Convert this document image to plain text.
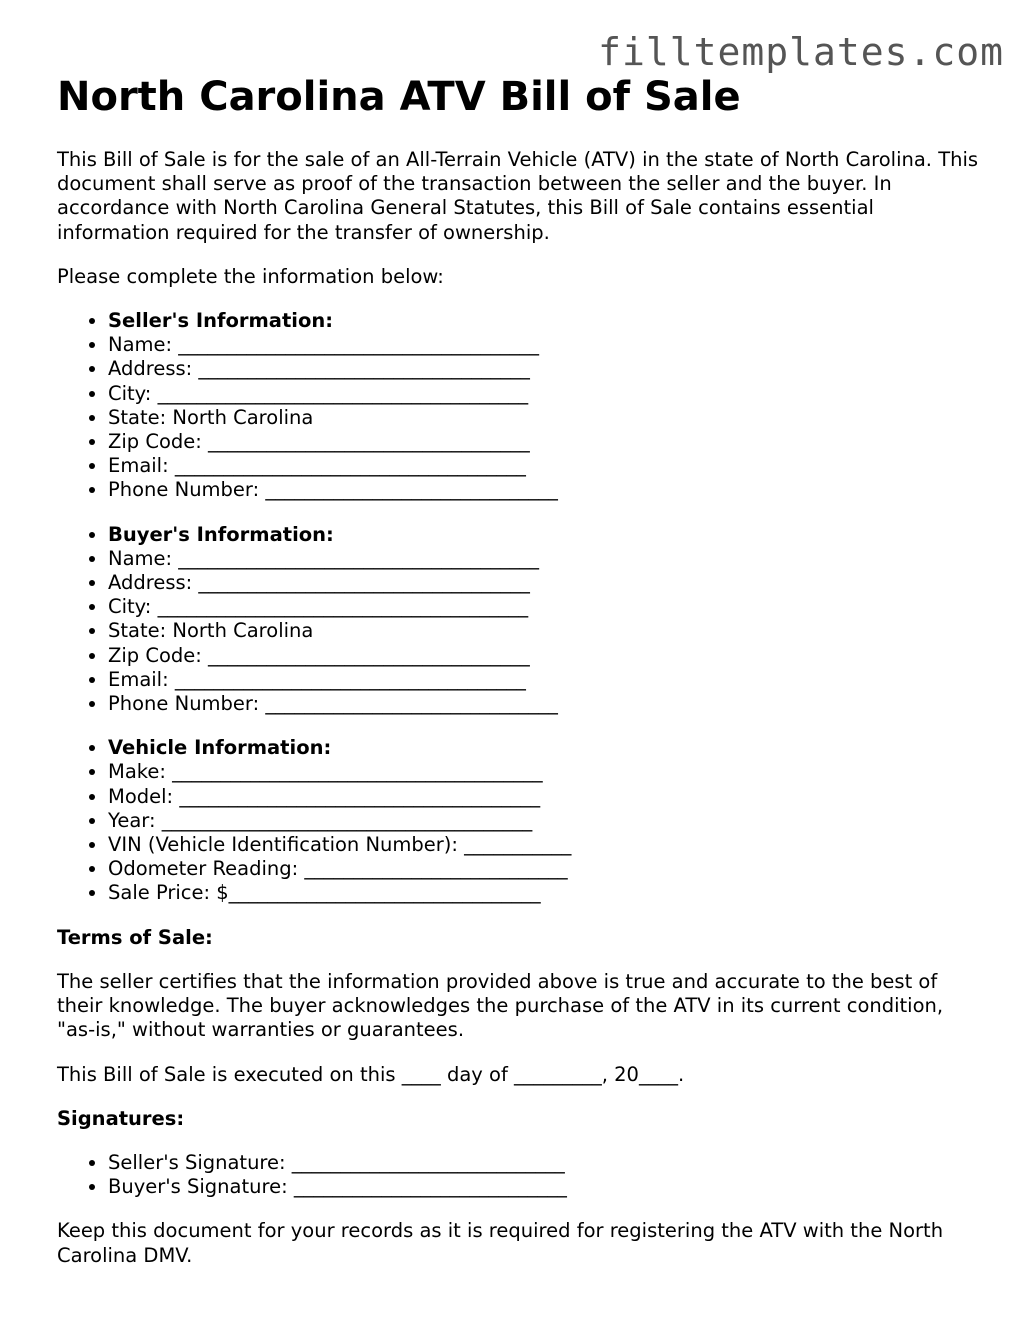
filltemplates.com
North Carolina ATV Bill of Sale

This Bill of Sale is for the sale of an All-Terrain Vehicle (ATV) in the state of North Carolina. This document shall serve as proof of the transaction between the seller and the buyer. In accordance with North Carolina General Statutes, this Bill of Sale contains essential information required for the transfer of ownership.

Please complete the information below:

• Seller's Information:
• Name: _____________________________________
• Address: __________________________________
• City: ______________________________________
• State: North Carolina
• Zip Code: _________________________________
• Email: ____________________________________
• Phone Number: ______________________________
• Buyer's Information:
• Name: _____________________________________
• Address: __________________________________
• City: ______________________________________
• State: North Carolina
• Zip Code: _________________________________
• Email: ____________________________________
• Phone Number: ______________________________
• Vehicle Information:
• Make: ______________________________________
• Model: _____________________________________
• Year: ______________________________________
• VIN (Vehicle Identification Number): ___________
• Odometer Reading: ___________________________
• Sale Price: $________________________________

Terms of Sale:

The seller certifies that the information provided above is true and accurate to the best of their knowledge. The buyer acknowledges the purchase of the ATV in its current condition, "as-is," without warranties or guarantees.

This Bill of Sale is executed on this ____ day of _________, 20____.

Signatures:

• Seller's Signature: ____________________________
• Buyer's Signature: ____________________________

Keep this document for your records as it is required for registering the ATV with the North Carolina DMV.
